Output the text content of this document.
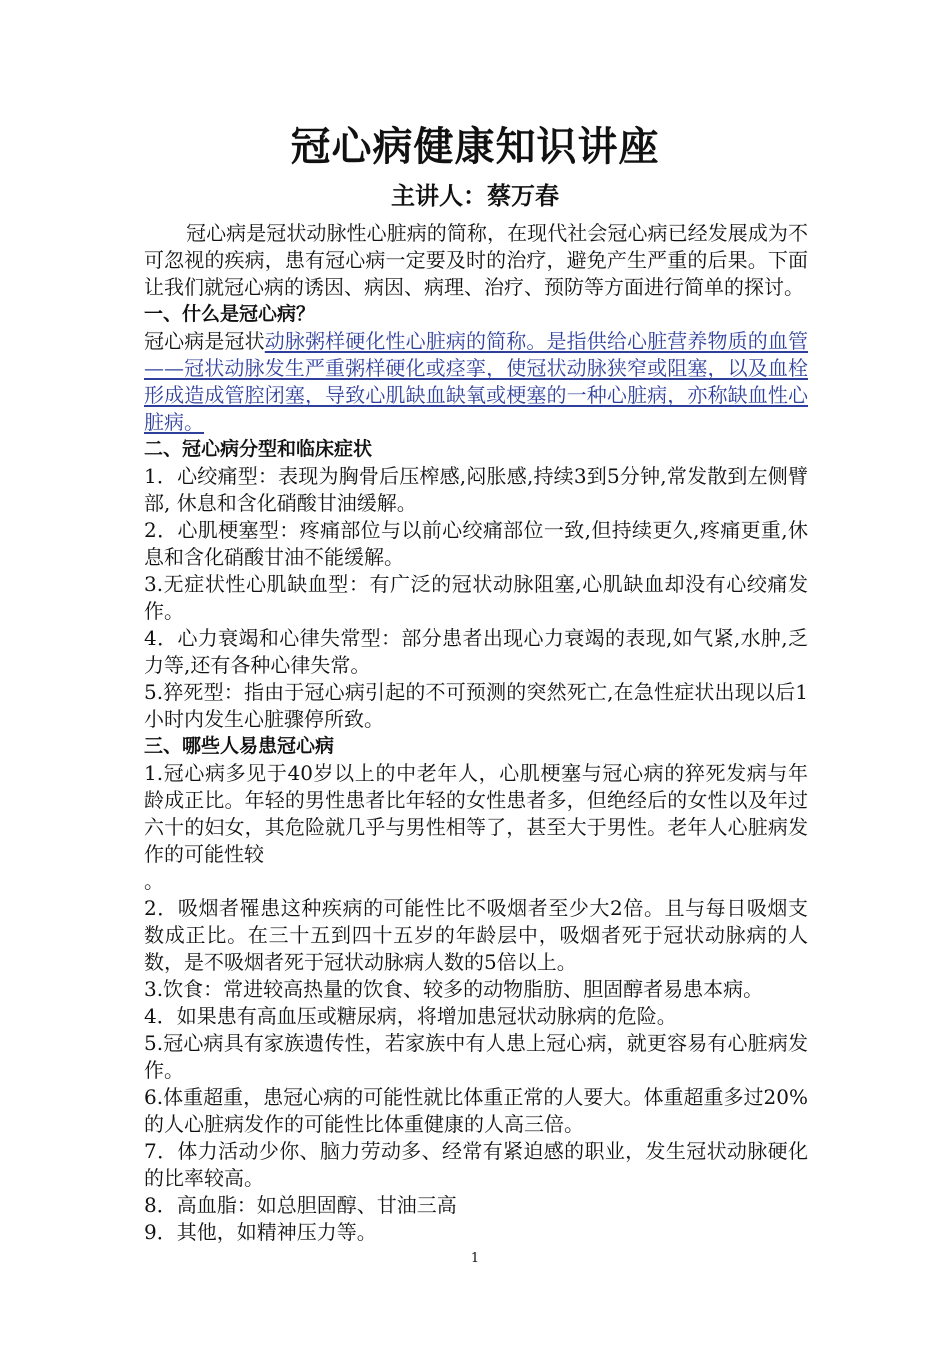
冠心病健康知识讲座
主讲人：蔡万春

冠心病是冠状动脉性心脏病的简称，在现代社会冠心病已经发展成为不可忽视的疾病，患有冠心病一定要及时的治疗，避免产生严重的后果。下面让我们就冠心病的诱因、病因、病理、治疗、预防等方面进行简单的探讨。

一、什么是冠心病？

冠心病是冠状动脉粥样硬化性心脏病的简称。是指供给心脏营养物质的血管——冠状动脉发生严重粥样硬化或痉挛，使冠状动脉狭窄或阻塞，以及血栓形成造成管腔闭塞，导致心肌缺血缺氧或梗塞的一种心脏病，亦称缺血性心脏病。

二、冠心病分型和临床症状

1．心绞痛型：表现为胸骨后压榨感,闷胀感,持续3到5分钟,常发散到左侧臂部, 休息和含化硝酸甘油缓解。

2．心肌梗塞型：疼痛部位与以前心绞痛部位一致,但持续更久,疼痛更重,休息和含化硝酸甘油不能缓解。

3.无症状性心肌缺血型：有广泛的冠状动脉阻塞,心肌缺血却没有心绞痛发作。

4．心力衰竭和心律失常型：部分患者出现心力衰竭的表现,如气紧,水肿,乏力等,还有各种心律失常。

5.猝死型：指由于冠心病引起的不可预测的突然死亡,在急性症状出现以后1小时内发生心脏骤停所致。

三、哪些人易患冠心病

1.冠心病多见于40岁以上的中老年人，心肌梗塞与冠心病的猝死发病与年龄成正比。年轻的男性患者比年轻的女性患者多，但绝经后的女性以及年过六十的妇女，其危险就几乎与男性相等了，甚至大于男性。老年人心脏病发作的可能性较

。

2．吸烟者罹患这种疾病的可能性比不吸烟者至少大2倍。且与每日吸烟支数成正比。在三十五到四十五岁的年龄层中，吸烟者死于冠状动脉病的人数，是不吸烟者死于冠状动脉病人数的5倍以上。

3.饮食：常进较高热量的饮食、较多的动物脂肪、胆固醇者易患本病。

4．如果患有高血压或糖尿病，将增加患冠状动脉病的危险。

5.冠心病具有家族遗传性，若家族中有人患上冠心病，就更容易有心脏病发作。

6.体重超重，患冠心病的可能性就比体重正常的人要大。体重超重多过20%的人心脏病发作的可能性比体重健康的人高三倍。

7．体力活动少你、脑力劳动多、经常有紧迫感的职业，发生冠状动脉硬化的比率较高。

8．高血脂：如总胆固醇、甘油三高

9．其他，如精神压力等。

1
